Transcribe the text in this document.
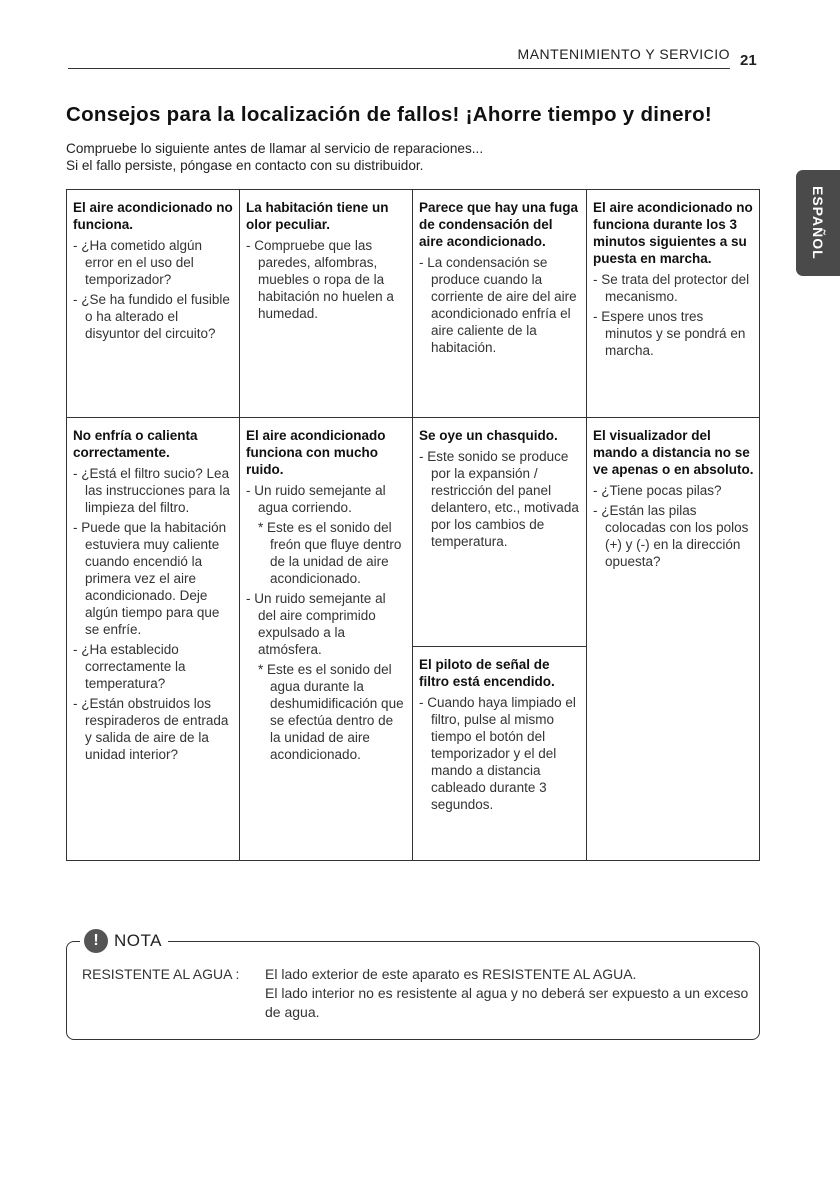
MANTENIMIENTO Y SERVICIO 21
Consejos para la localización de fallos! ¡Ahorre tiempo y dinero!

Compruebe lo siguiente antes de llamar al servicio de reparaciones...

Si el fallo persiste, póngase en contacto con su distribuidor.

ESPAÑOL
El aire acondicionado no funciona.
- ¿Ha cometido algún error en el uso del temporizador?
- ¿Se ha fundido el fusible o ha alterado el disyuntor del circuito?
La habitación tiene un olor peculiar.
- Compruebe que las paredes, alfombras, muebles o ropa de la habitación no huelen a humedad.
Parece que hay una fuga de condensación del aire acondicionado.
- La condensación se produce cuando la corriente de aire del aire acondicionado enfría el aire caliente de la habitación.
El aire acondicionado no funciona durante los 3 minutos siguientes a su puesta en marcha.
- Se trata del protector del mecanismo.
- Espere unos tres minutos y se pondrá en marcha.
No enfría o calienta correctamente.
- ¿Está el filtro sucio? Lea las instrucciones para la limpieza del filtro.
- Puede que la habitación estuviera muy caliente cuando encendió la primera vez el aire acondicionado. Deje algún tiempo para que se enfríe.
- ¿Ha establecido correctamente la temperatura?
- ¿Están obstruidos los respiraderos de entrada y salida de aire de la unidad interior?
El aire acondicionado funciona con mucho ruido.
- Un ruido semejante al agua corriendo.
* Este es el sonido del freón que fluye dentro de la unidad de aire acondicionado.
- Un ruido semejante al del aire comprimido expulsado a la atmósfera.
* Este es el sonido del agua durante la deshumidificación que se efectúa dentro de la unidad de aire acondicionado.
Se oye un chasquido.
- Este sonido se produce por la expansión / restricción del panel delantero, etc., motivada por los cambios de temperatura.
El piloto de señal de filtro está encendido.
- Cuando haya limpiado el filtro, pulse al mismo tiempo el botón del temporizador y el del mando a distancia cableado durante 3 segundos.
El visualizador del mando a distancia no se ve apenas o en absoluto.
- ¿Tiene pocas pilas?
- ¿Están las pilas colocadas con los polos (+) y (-) en la dirección opuesta?
! NOTA
RESISTENTE AL AGUA : El lado exterior de este aparato es RESISTENTE AL AGUA.

El lado interior no es resistente al agua y no deberá ser expuesto a un exceso de agua.
